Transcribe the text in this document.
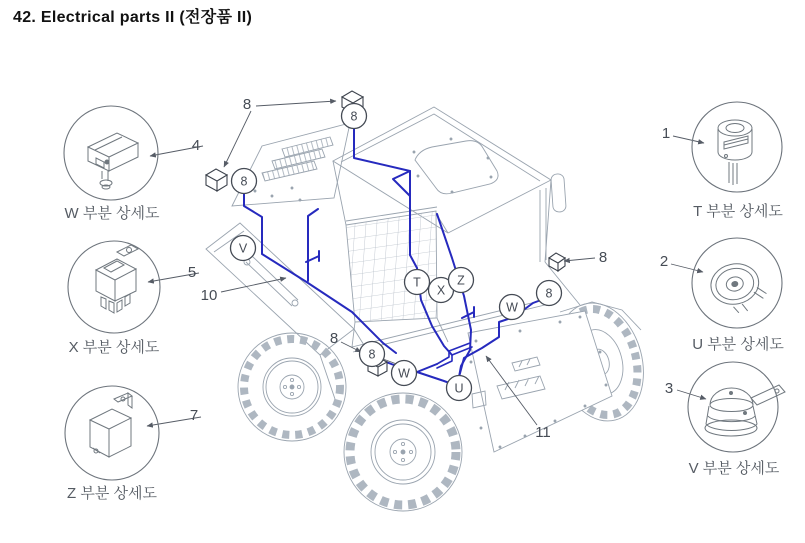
42. Electrical parts II (전장품 II)
8
10
8
11
8
8
8
V
T
X
Z
8
W
8
W
U
W 부분 상세도
4
X 부분 상세도
5
Z 부분 상세도
7
T 부분 상세도
1
U 부분 상세도
2
V 부분 상세도
3
